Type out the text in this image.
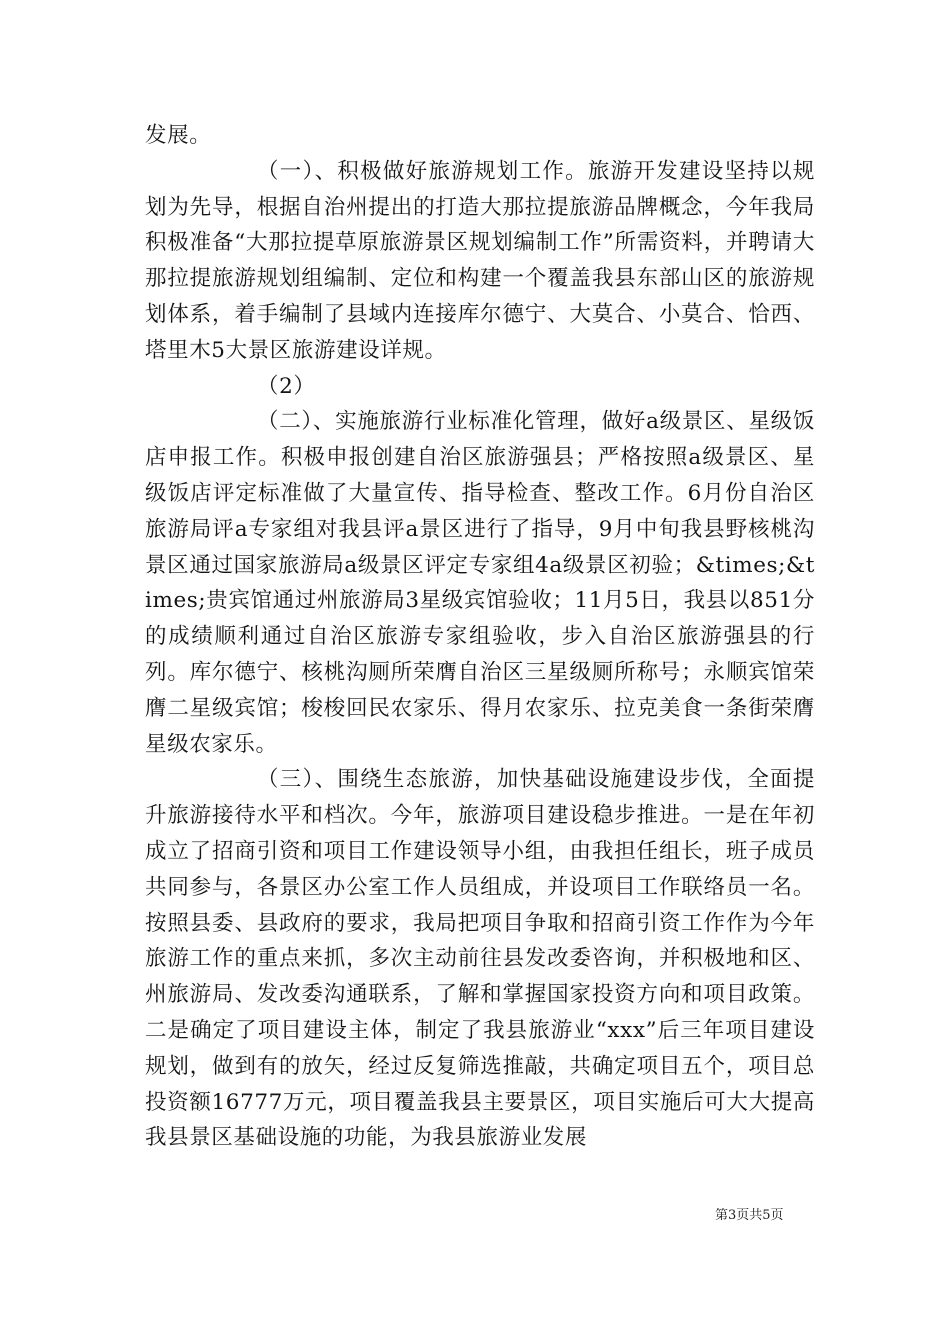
发展。

（一）、积极做好旅游规划工作。旅游开发建设坚持以规划为先导，根据自治州提出的打造大那拉提旅游品牌概念，今年我局积极准备“大那拉提草原旅游景区规划编制工作”所需资料，并聘请大那拉提旅游规划组编制、定位和构建一个覆盖我县东部山区的旅游规划体系，着手编制了县域内连接库尔德宁、大莫合、小莫合、恰西、塔里木5大景区旅游建设详规。

（2）

（二）、实施旅游行业标准化管理，做好a级景区、星级饭店申报工作。积极申报创建自治区旅游强县；严格按照a级景区、星级饭店评定标准做了大量宣传、指导检查、整改工作。6月份自治区旅游局评a专家组对我县评a景区进行了指导，9月中旬我县野核桃沟景区通过国家旅游局a级景区评定专家组4a级景区初验；&times;&times;贵宾馆通过州旅游局3星级宾馆验收；11月5日，我县以851分的成绩顺利通过自治区旅游专家组验收，步入自治区旅游强县的行列。库尔德宁、核桃沟厕所荣膺自治区三星级厕所称号；永顺宾馆荣膺二星级宾馆；梭梭回民农家乐、得月农家乐、拉克美食一条街荣膺星级农家乐。

（三）、围绕生态旅游，加快基础设施建设步伐，全面提升旅游接待水平和档次。今年，旅游项目建设稳步推进。一是在年初成立了招商引资和项目工作建设领导小组，由我担任组长，班子成员共同参与，各景区办公室工作人员组成，并设项目工作联络员一名。按照县委、县政府的要求，我局把项目争取和招商引资工作作为今年旅游工作的重点来抓，多次主动前往县发改委咨询，并积极地和区、州旅游局、发改委沟通联系，了解和掌握国家投资方向和项目政策。二是确定了项目建设主体，制定了我县旅游业“xxx”后三年项目建设规划，做到有的放矢，经过反复筛选推敲，共确定项目五个，项目总投资额16777万元，项目覆盖我县主要景区，项目实施后可大大提高我县景区基础设施的功能，为我县旅游业发展

第3页共5页
